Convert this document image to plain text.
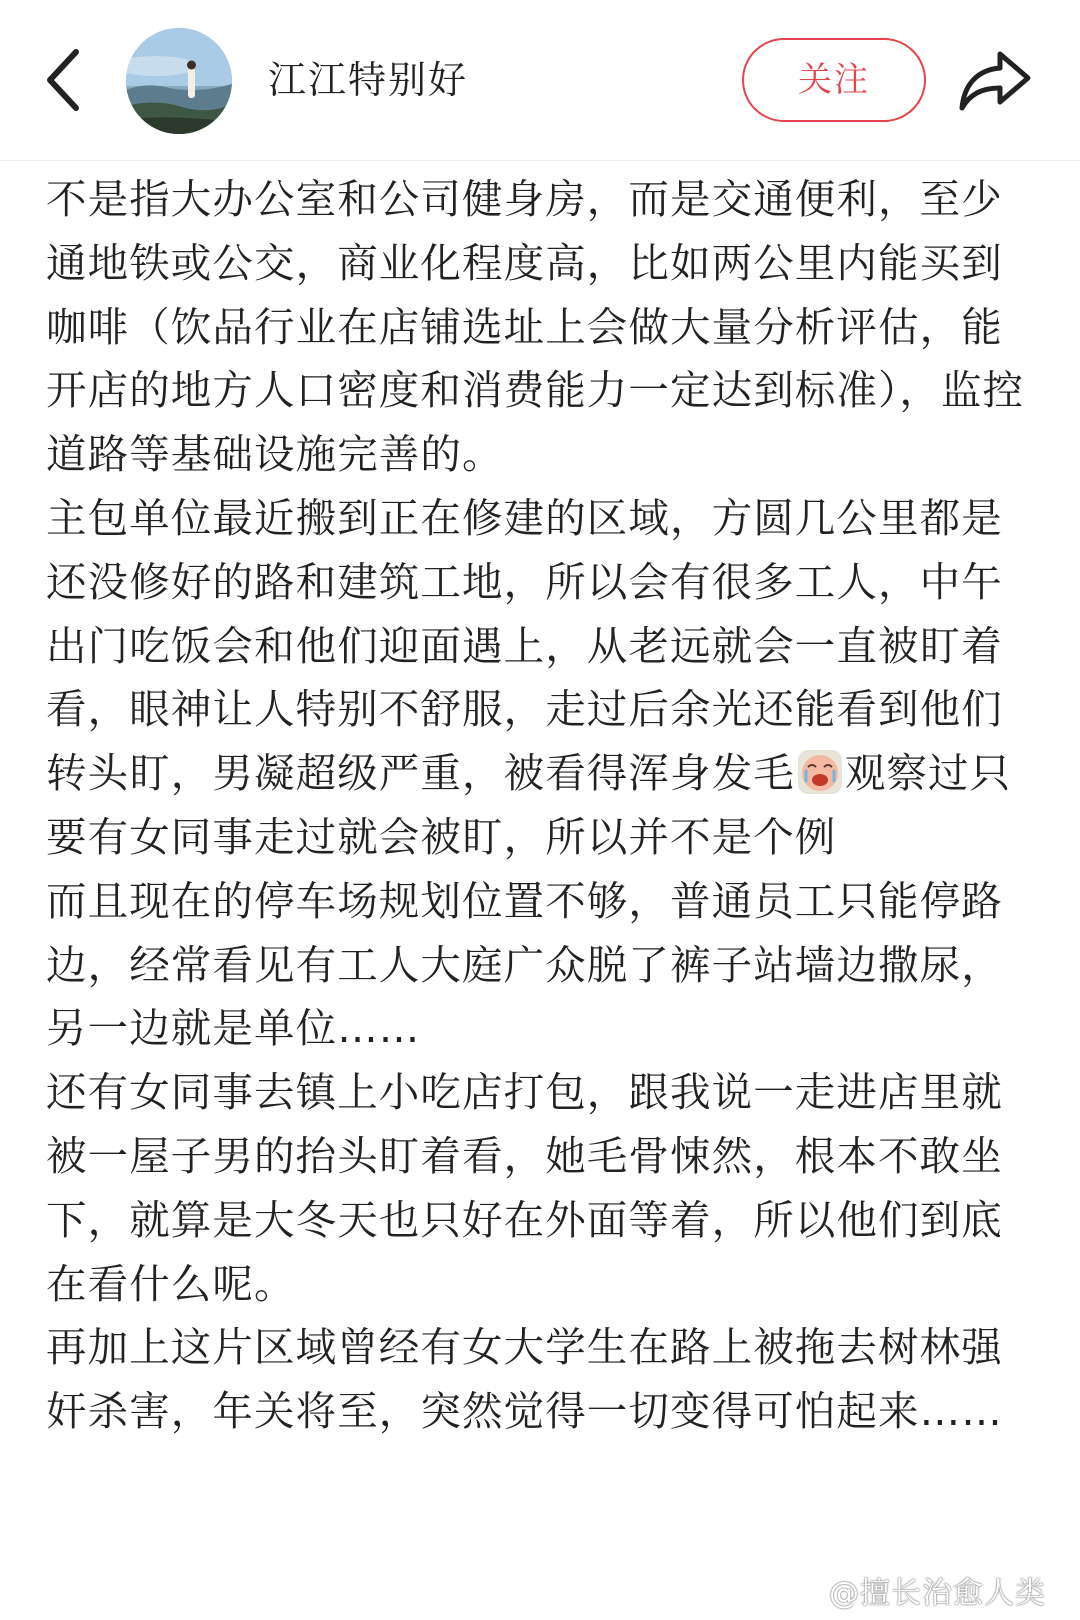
江江特别好	关注

不是指大办公室和公司健身房，而是交通便利，至少通地铁或公交，商业化程度高，比如两公里内能买到咖啡（饮品行业在店铺选址上会做大量分析评估，能开店的地方人口密度和消费能力一定达到标准），监控道路等基础设施完善的。

主包单位最近搬到正在修建的区域，方圆几公里都是还没修好的路和建筑工地，所以会有很多工人，中午出门吃饭会和他们迎面遇上，从老远就会一直被盯着看，眼神让人特别不舒服，走过后余光还能看到他们转头盯，男凝超级严重，被看得浑身发毛 观察过只要有女同事走过就会被盯，所以并不是个例

而且现在的停车场规划位置不够，普通员工只能停路边，经常看见有工人大庭广众脱了裤子站墙边撒尿，另一边就是单位……

还有女同事去镇上小吃店打包，跟我说一走进店里就被一屋子男的抬头盯着看，她毛骨悚然，根本不敢坐下，就算是大冬天也只好在外面等着，所以他们到底在看什么呢。

再加上这片区域曾经有女大学生在路上被拖去树林强奸杀害，年关将至，突然觉得一切变得可怕起来……

@擅长治愈人类
